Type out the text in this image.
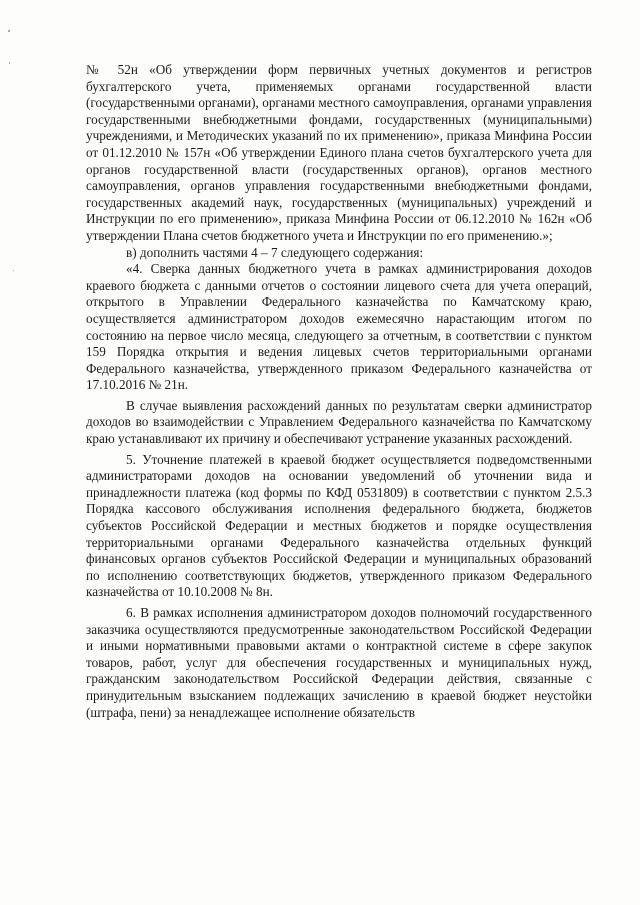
№ 52н «Об утверждении форм первичных учетных документов и регистров бухгалтерского учета, применяемых органами государственной власти (государственными органами), органами местного самоуправления, органами управления государственными внебюджетными фондами, государственных (муниципальными) учреждениями, и Методических указаний по их применению», приказа Минфина России от 01.12.2010 № 157н «Об утверждении Единого плана счетов бухгалтерского учета для органов государственной власти (государственных органов), органов местного самоуправления, органов управления государственными внебюджетными фондами, государственных академий наук, государственных (муниципальных) учреждений и Инструкции по его применению», приказа Минфина России от 06.12.2010 № 162н «Об утверждении Плана счетов бюджетного учета и Инструкции по его применению.»;

в) дополнить частями 4 – 7 следующего содержания:

«4. Сверка данных бюджетного учета в рамках администрирования доходов краевого бюджета с данными отчетов о состоянии лицевого счета для учета операций, открытого в Управлении Федерального казначейства по Камчатскому краю, осуществляется администратором доходов ежемесячно нарастающим итогом по состоянию на первое число месяца, следующего за отчетным, в соответствии с пунктом 159 Порядка открытия и ведения лицевых счетов территориальными органами Федерального казначейства, утвержденного приказом Федерального казначейства от 17.10.2016 № 21н.

В случае выявления расхождений данных по результатам сверки администратор доходов во взаимодействии с Управлением Федерального казначейства по Камчатскому краю устанавливают их причину и обеспечивают устранение указанных расхождений.

5. Уточнение платежей в краевой бюджет осуществляется подведомственными администраторами доходов на основании уведомлений об уточнении вида и принадлежности платежа (код формы по КФД 0531809) в соответствии с пунктом 2.5.3 Порядка кассового обслуживания исполнения федерального бюджета, бюджетов субъектов Российской Федерации и местных бюджетов и порядке осуществления территориальными органами Федерального казначейства отдельных функций финансовых органов субъектов Российской Федерации и муниципальных образований по исполнению соответствующих бюджетов, утвержденного приказом Федерального казначейства от 10.10.2008 № 8н.

6. В рамках исполнения администратором доходов полномочий государственного заказчика осуществляются предусмотренные законодательством Российской Федерации и иными нормативными правовыми актами о контрактной системе в сфере закупок товаров, работ, услуг для обеспечения государственных и муниципальных нужд, гражданским законодательством Российской Федерации действия, связанные с принудительным взысканием подлежащих зачислению в краевой бюджет неустойки (штрафа, пени) за ненадлежащее исполнение обязательств
